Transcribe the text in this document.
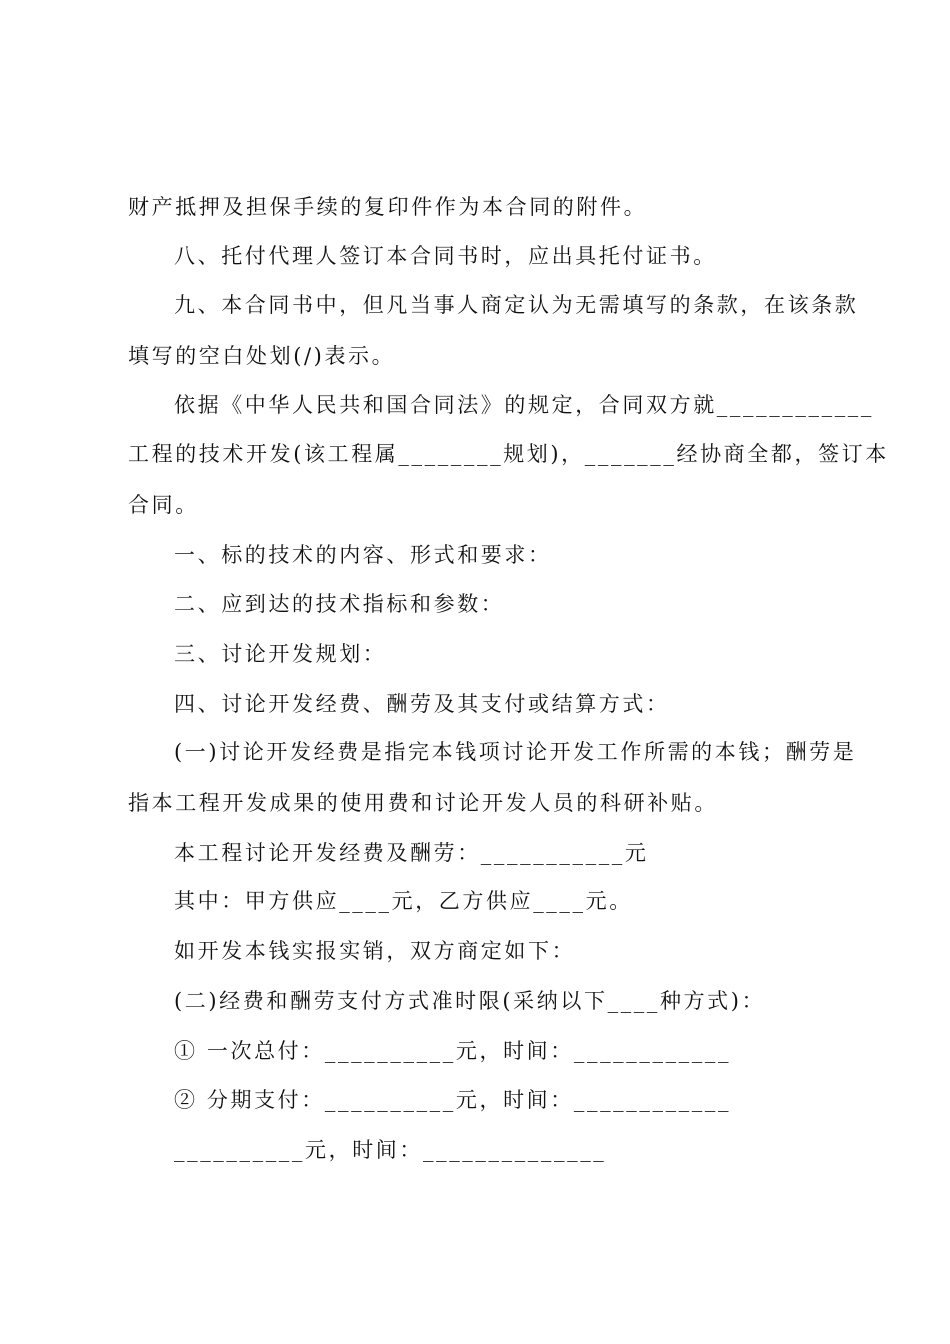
财产抵押及担保手续的复印件作为本合同的附件。
八、托付代理人签订本合同书时，应出具托付证书。
九、本合同书中，但凡当事人商定认为无需填写的条款，在该条款
填写的空白处划(/)表示。
依据《中华人民共和国合同法》的规定，合同双方就____________
工程的技术开发(该工程属________规划)，_______经协商全都，签订本
合同。
一、标的技术的内容、形式和要求：
二、应到达的技术指标和参数：
三、讨论开发规划：
四、讨论开发经费、酬劳及其支付或结算方式：
(一)讨论开发经费是指完本钱项讨论开发工作所需的本钱；酬劳是
指本工程开发成果的使用费和讨论开发人员的科研补贴。
本工程讨论开发经费及酬劳：___________元
其中：甲方供应____元，乙方供应____元。
如开发本钱实报实销，双方商定如下：
(二)经费和酬劳支付方式准时限(采纳以下____种方式)：
① 一次总付：__________元，时间：____________
② 分期支付：__________元，时间：____________
__________元，时间：______________
